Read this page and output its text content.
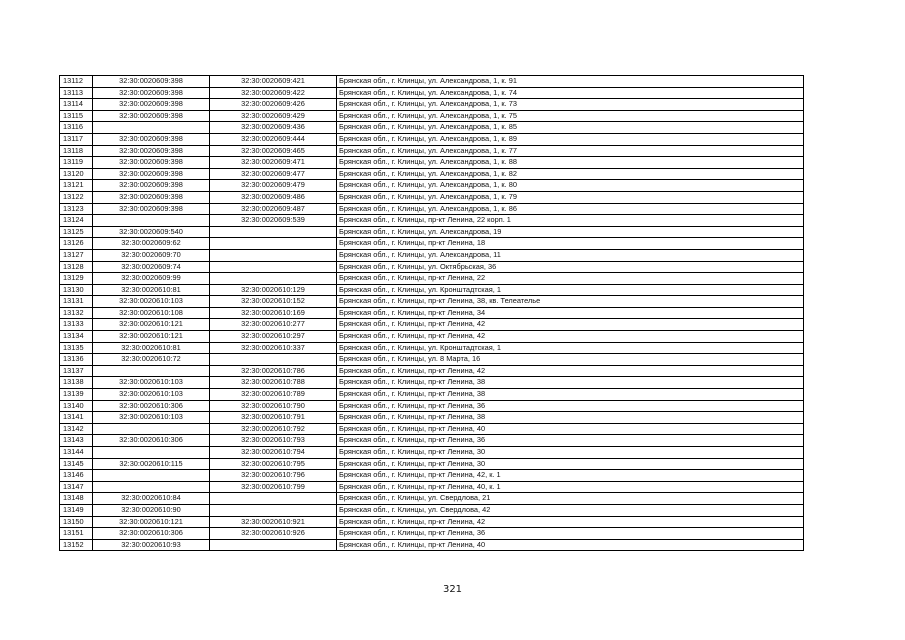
13112	32:30:0020609:398	32:30:0020609:421	Брянская обл., г. Клинцы, ул. Александрова, 1, к. 91
13113	32:30:0020609:398	32:30:0020609:422	Брянская обл., г. Клинцы, ул. Александрова, 1, к. 74
13114	32:30:0020609:398	32:30:0020609:426	Брянская обл., г. Клинцы, ул. Александрова, 1, к. 73
13115	32:30:0020609:398	32:30:0020609:429	Брянская обл., г. Клинцы, ул. Александрова, 1, к. 75
13116		32:30:0020609:436	Брянская обл., г. Клинцы, ул. Александрова, 1, к. 85
13117	32:30:0020609:398	32:30:0020609:444	Брянская обл., г. Клинцы, ул. Александрова, 1, к. 89
13118	32:30:0020609:398	32:30:0020609:465	Брянская обл., г. Клинцы, ул. Александрова, 1, к. 77
13119	32:30:0020609:398	32:30:0020609:471	Брянская обл., г. Клинцы, ул. Александрова, 1, к. 88
13120	32:30:0020609:398	32:30:0020609:477	Брянская обл., г. Клинцы, ул. Александрова, 1, к. 82
13121	32:30:0020609:398	32:30:0020609:479	Брянская обл., г. Клинцы, ул. Александрова, 1, к. 80
13122	32:30:0020609:398	32:30:0020609:486	Брянская обл., г. Клинцы, ул. Александрова, 1, к. 79
13123	32:30:0020609:398	32:30:0020609:487	Брянская обл., г. Клинцы, ул. Александрова, 1, к. 86
13124		32:30:0020609:539	Брянская обл., г. Клинцы, пр-кт Ленина, 22 корп. 1
13125	32:30:0020609:540		Брянская обл., г. Клинцы, ул. Александрова, 19
13126	32:30:0020609:62		Брянская обл., г. Клинцы, пр-кт Ленина, 18
13127	32:30:0020609:70		Брянская обл., г. Клинцы, ул. Александрова, 11
13128	32:30:0020609:74		Брянская обл., г. Клинцы, ул. Октябрьская, 36
13129	32:30:0020609:99		Брянская обл., г. Клинцы, пр-кт Ленина, 22
13130	32:30:0020610:81	32:30:0020610:129	Брянская обл., г. Клинцы, ул. Кронштадтская, 1
13131	32:30:0020610:103	32:30:0020610:152	Брянская обл., г. Клинцы, пр-кт Ленина, 38, кв. Телеателье
13132	32:30:0020610:108	32:30:0020610:169	Брянская обл., г. Клинцы, пр-кт Ленина, 34
13133	32:30:0020610:121	32:30:0020610:277	Брянская обл., г. Клинцы, пр-кт Ленина, 42
13134	32:30:0020610:121	32:30:0020610:297	Брянская обл., г. Клинцы, пр-кт Ленина, 42
13135	32:30:0020610:81	32:30:0020610:337	Брянская обл., г. Клинцы, ул. Кронштадтская, 1
13136	32:30:0020610:72		Брянская обл., г. Клинцы, ул. 8 Марта, 16
13137		32:30:0020610:786	Брянская обл., г. Клинцы, пр-кт Ленина, 42
13138	32:30:0020610:103	32:30:0020610:788	Брянская обл., г. Клинцы, пр-кт Ленина, 38
13139	32:30:0020610:103	32:30:0020610:789	Брянская обл., г. Клинцы, пр-кт Ленина, 38
13140	32:30:0020610:306	32:30:0020610:790	Брянская обл., г. Клинцы, пр-кт Ленина, 36
13141	32:30:0020610:103	32:30:0020610:791	Брянская обл., г. Клинцы, пр-кт Ленина, 38
13142		32:30:0020610:792	Брянская обл., г. Клинцы, пр-кт Ленина, 40
13143	32:30:0020610:306	32:30:0020610:793	Брянская обл., г. Клинцы, пр-кт Ленина, 36
13144		32:30:0020610:794	Брянская обл., г. Клинцы, пр-кт Ленина, 30
13145	32:30:0020610:115	32:30:0020610:795	Брянская обл., г. Клинцы, пр-кт Ленина, 30
13146		32:30:0020610:796	Брянская обл., г. Клинцы, пр-кт Ленина, 42, к. 1
13147		32:30:0020610:799	Брянская обл., г. Клинцы, пр-кт Ленина, 40, к. 1
13148	32:30:0020610:84		Брянская обл., г. Клинцы, ул. Свердлова, 21
13149	32:30:0020610:90		Брянская обл., г. Клинцы, ул. Свердлова, 42
13150	32:30:0020610:121	32:30:0020610:921	Брянская обл., г. Клинцы, пр-кт Ленина, 42
13151	32:30:0020610:306	32:30:0020610:926	Брянская обл., г. Клинцы, пр-кт Ленина, 36
13152	32:30:0020610:93		Брянская обл., г. Клинцы, пр-кт Ленина, 40
321
